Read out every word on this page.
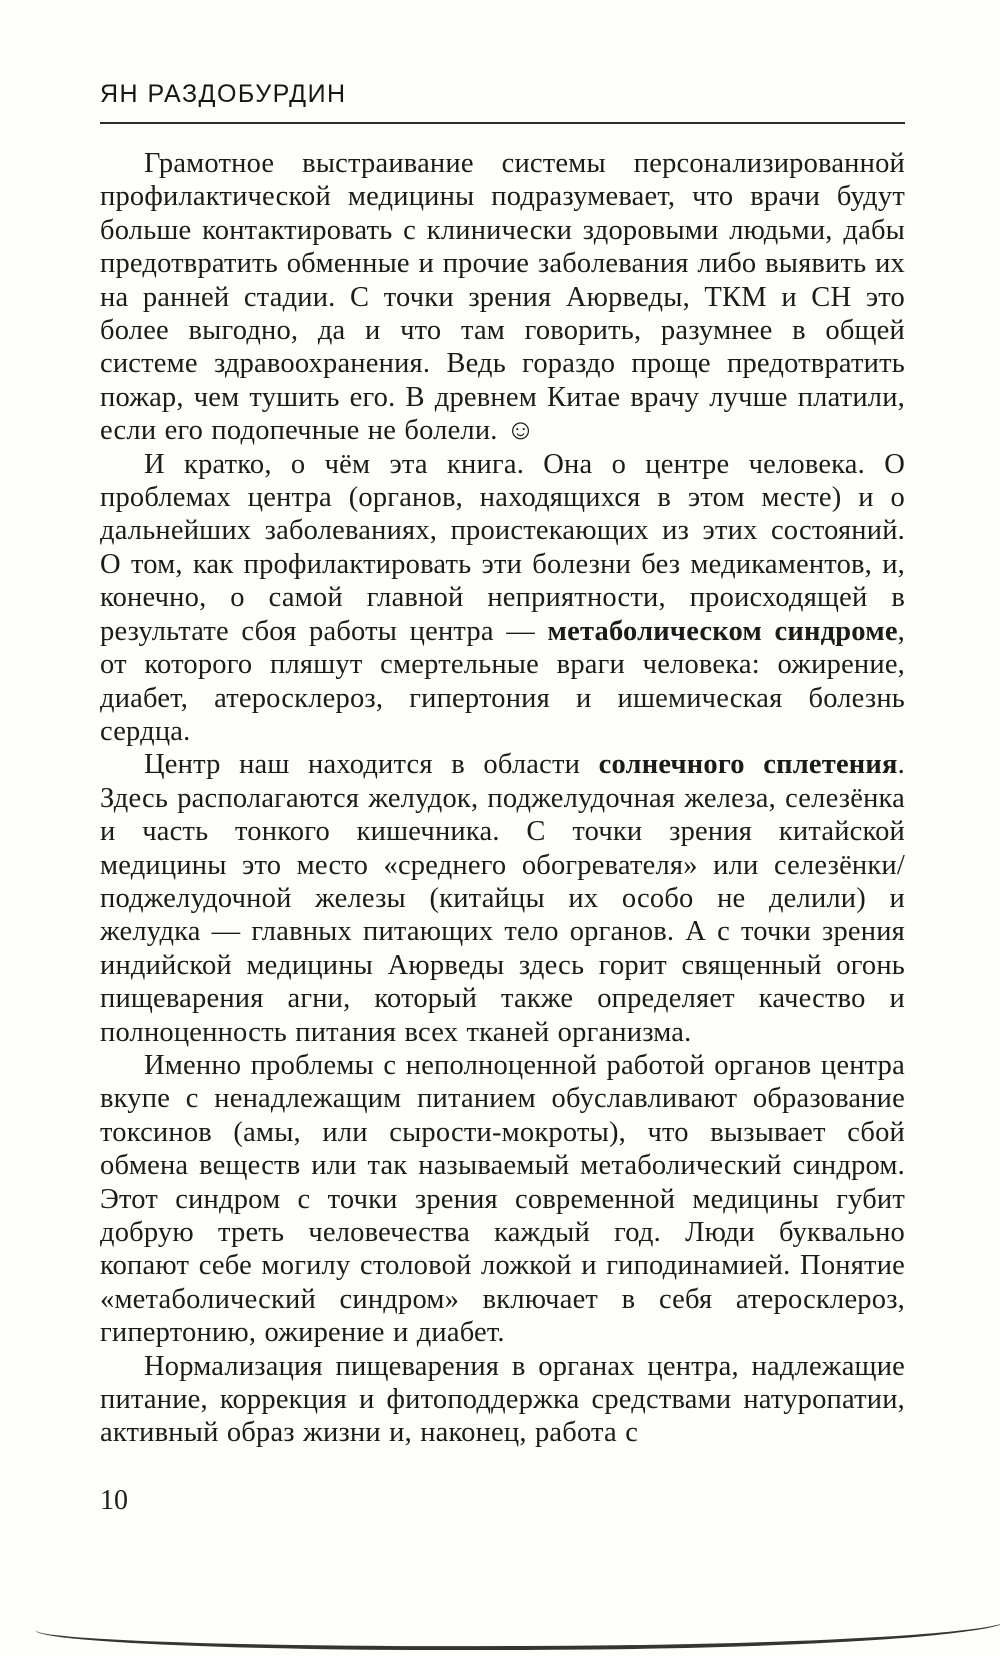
ЯН РАЗДОБУРДИН

Грамотное выстраивание системы персонализированной профилактической медицины подразумевает, что врачи будут больше контактировать с клинически здоровыми людьми, дабы предотвратить обменные и прочие заболевания либо выявить их на ранней стадии. С точки зрения Аюрведы, ТКМ и СН это более выгодно, да и что там говорить, разумнее в общей системе здравоохранения. Ведь гораздо проще предотвратить пожар, чем тушить его. В древнем Китае врачу лучше платили, если его подопечные не болели. ☺

И кратко, о чём эта книга. Она о центре человека. О проблемах центра (органов, находящихся в этом месте) и о дальнейших заболеваниях, проистекающих из этих состояний. О том, как профилактировать эти болезни без медикаментов, и, конечно, о самой главной неприятности, происходящей в результате сбоя работы центра — метаболическом синдроме, от которого пляшут смертельные враги человека: ожирение, диабет, атеросклероз, гипертония и ишемическая болезнь сердца.

Центр наш находится в области солнечного сплетения. Здесь располагаются желудок, поджелудочная железа, селезёнка и часть тонкого кишечника. С точки зрения китайской медицины это место «среднего обогревателя» или селезёнки/поджелудочной железы (китайцы их особо не делили) и желудка — главных питающих тело органов. А с точки зрения индийской медицины Аюрведы здесь горит священный огонь пищеварения агни, который также определяет качество и полноценность питания всех тканей организма.

Именно проблемы с неполноценной работой органов центра вкупе с ненадлежащим питанием обуславливают образование токсинов (амы, или сырости-мокроты), что вызывает сбой обмена веществ или так называемый метаболический синдром. Этот синдром с точки зрения современной медицины губит добрую треть человечества каждый год. Люди буквально копают себе могилу столовой ложкой и гиподинамией. Понятие «метаболический синдром» включает в себя атеросклероз, гипертонию, ожирение и диабет.

Нормализация пищеварения в органах центра, надлежащие питание, коррекция и фитоподдержка средствами натуропатии, активный образ жизни и, наконец, работа с

10
